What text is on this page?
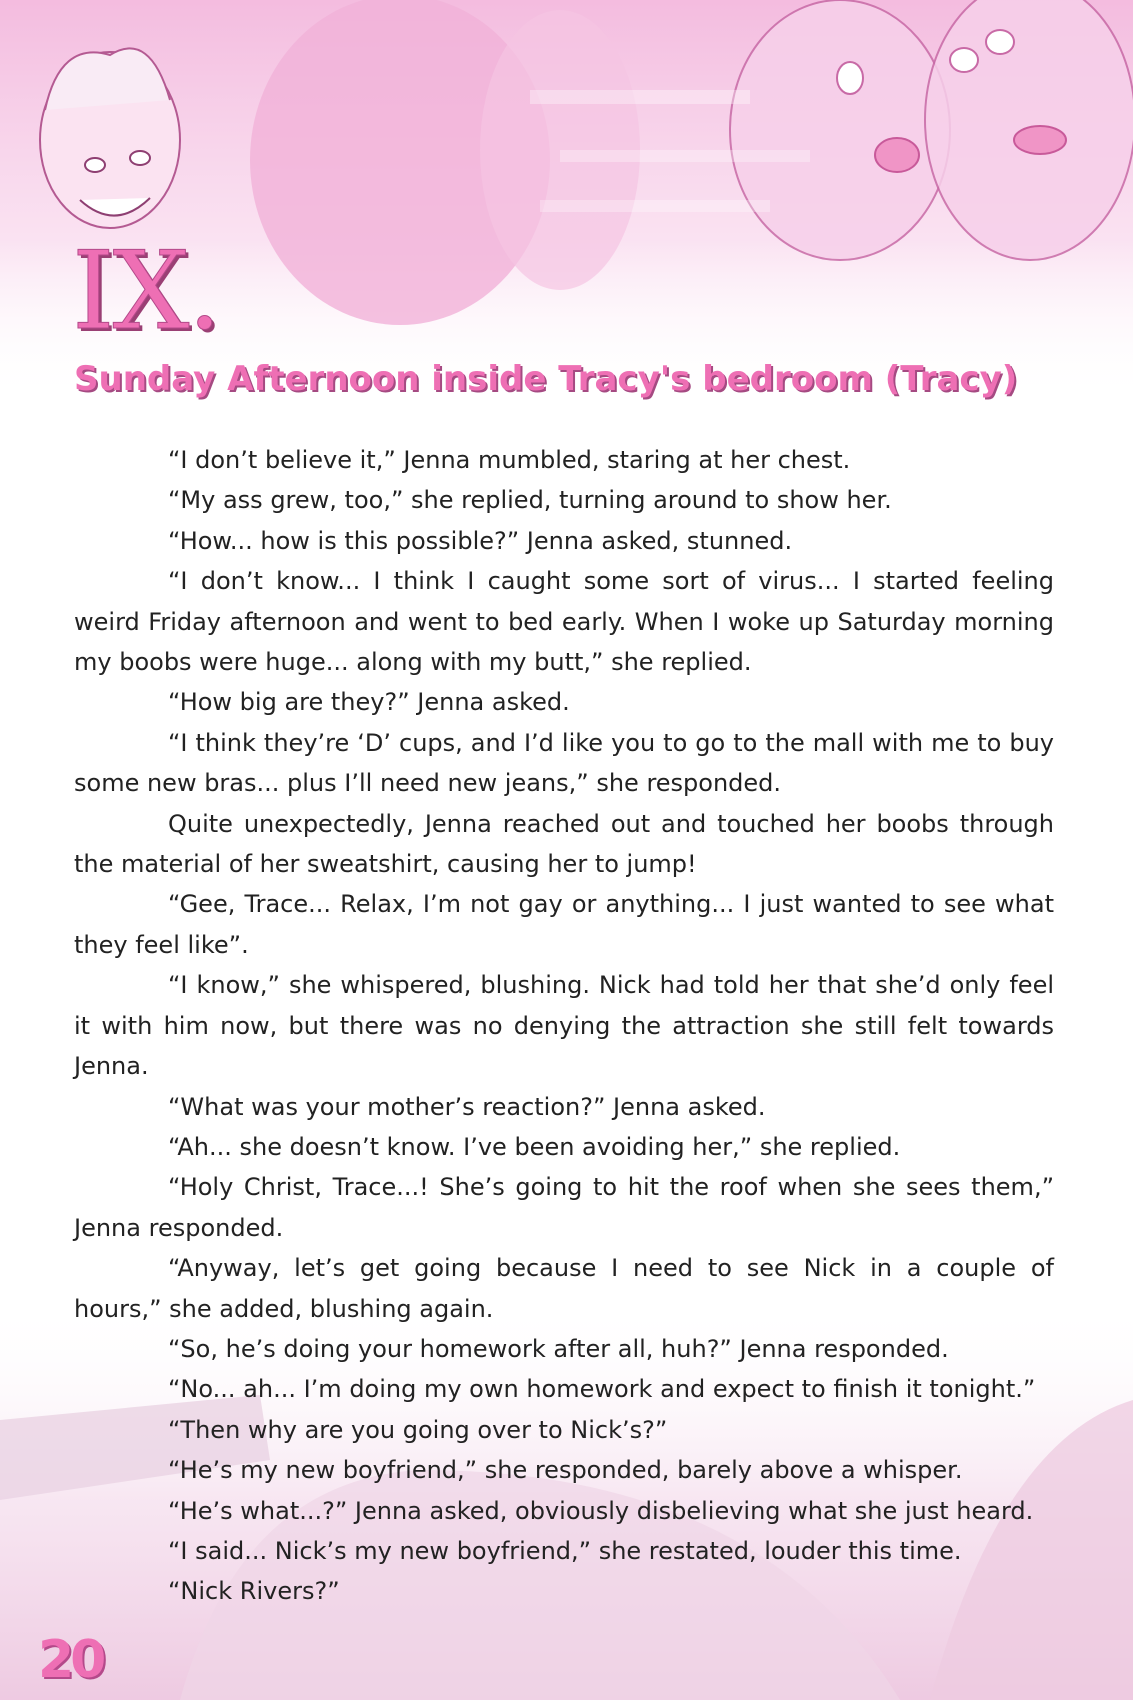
IX.
Sunday Afternoon inside Tracy's bedroom (Tracy)

“I don’t believe it,” Jenna mumbled, staring at her chest.

“My ass grew, too,” she replied, turning around to show her.

“How... how is this possible?” Jenna asked, stunned.

“I don’t know... I think I caught some sort of virus... I started feeling weird Friday afternoon and went to bed early. When I woke up Saturday morning my boobs were huge... along with my butt,” she replied.

“How big are they?” Jenna asked.

“I think they’re ‘D’ cups, and I’d like you to go to the mall with me to buy some new bras... plus I’ll need new jeans,” she responded.

Quite unexpectedly, Jenna reached out and touched her boobs through the material of her sweatshirt, causing her to jump!

“Gee, Trace... Relax, I’m not gay or anything... I just wanted to see what they feel like”.

“I know,” she whispered, blushing. Nick had told her that she’d only feel it with him now, but there was no denying the attraction she still felt towards Jenna.

“What was your mother’s reaction?” Jenna asked.

“Ah... she doesn’t know. I’ve been avoiding her,” she replied.

“Holy Christ, Trace...! She’s going to hit the roof when she sees them,” Jenna responded.

“Anyway, let’s get going because I need to see Nick in a couple of hours,” she added, blushing again.

“So, he’s doing your homework after all, huh?” Jenna responded.

“No... ah... I’m doing my own homework and expect to finish it tonight.”

“Then why are you going over to Nick’s?”

“He’s my new boyfriend,” she responded, barely above a whisper.

“He’s what...?” Jenna asked, obviously disbelieving what she just heard.

“I said... Nick’s my new boyfriend,” she restated, louder this time.

“Nick Rivers?”

20
